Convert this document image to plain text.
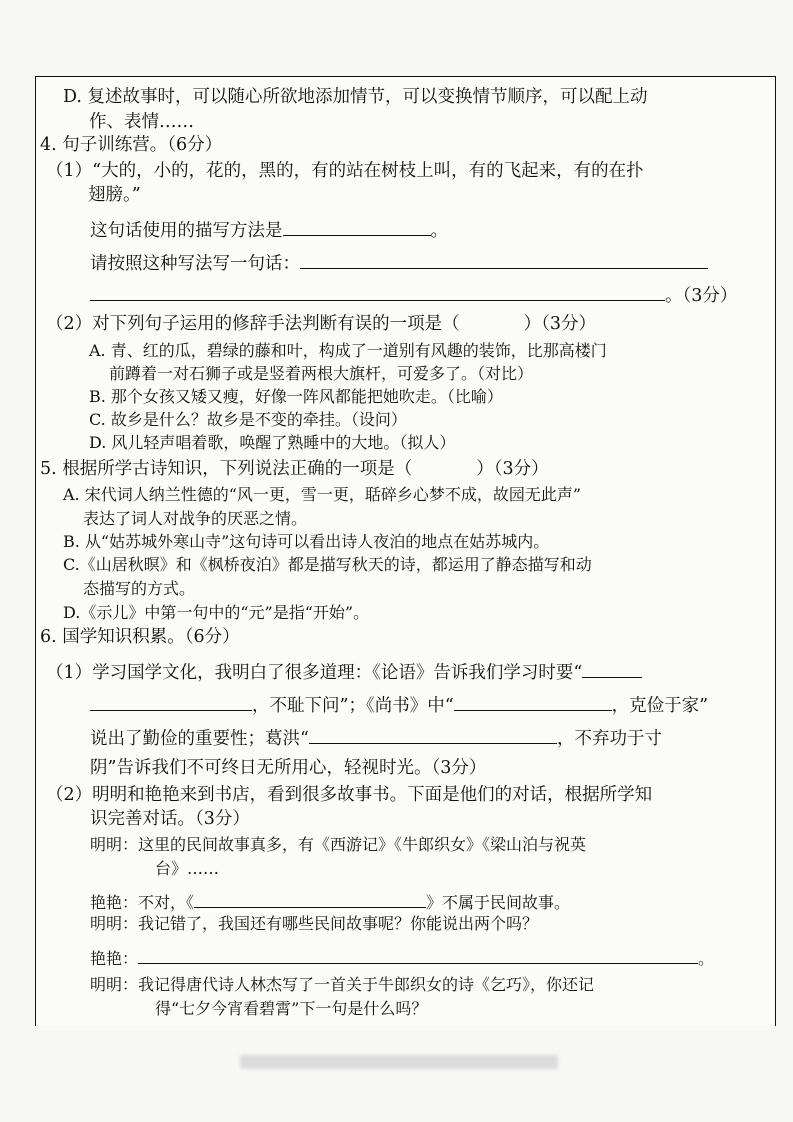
D. 复述故事时，可以随心所欲地添加情节，可以变换情节顺序，可以配上动
作、表情……
4. 句子训练营。（6分）
（1）“大的，小的，花的，黑的，有的站在树枝上叫，有的飞起来，有的在扑
翅膀。”
这句话使用的描写方法是	。
请按照这种写法写一句话：
。（3分）
（2）对下列句子运用的修辞手法判断有误的一项是（	）（3分）
A. 青、红的瓜，碧绿的藤和叶，构成了一道别有风趣的装饰，比那高楼门
前蹲着一对石狮子或是竖着两根大旗杆，可爱多了。（对比）
B. 那个女孩又矮又瘦，好像一阵风都能把她吹走。（比喻）
C. 故乡是什么？故乡是不变的牵挂。（设问）
D. 风儿轻声唱着歌，唤醒了熟睡中的大地。（拟人）
5. 根据所学古诗知识，下列说法正确的一项是（	）（3分）
A. 宋代词人纳兰性德的“风一更，雪一更，聒碎乡心梦不成，故园无此声”
表达了词人对战争的厌恶之情。
B. 从“姑苏城外寒山寺”这句诗可以看出诗人夜泊的地点在姑苏城内。
C.《山居秋暝》和《枫桥夜泊》都是描写秋天的诗，都运用了静态描写和动
态描写的方式。
D.《示儿》中第一句中的“元”是指“开始”。
6. 国学知识积累。（6分）
（1）学习国学文化，我明白了很多道理：《论语》告诉我们学习时要“
，不耻下问”；《尚书》中“	，克俭于家”
说出了勤俭的重要性；葛洪“	，不弃功于寸
阴”告诉我们不可终日无所用心，轻视时光。（3分）
（2）明明和艳艳来到书店，看到很多故事书。下面是他们的对话，根据所学知
识完善对话。（3分）
明明：这里的民间故事真多，有《西游记》《牛郎织女》《梁山泊与祝英
台》……
艳艳：不对，《	》不属于民间故事。
明明：我记错了，我国还有哪些民间故事呢？你能说出两个吗？
艳艳：	。
明明：我记得唐代诗人林杰写了一首关于牛郎织女的诗《乞巧》，你还记
得“七夕今宵看碧霄”下一句是什么吗？
